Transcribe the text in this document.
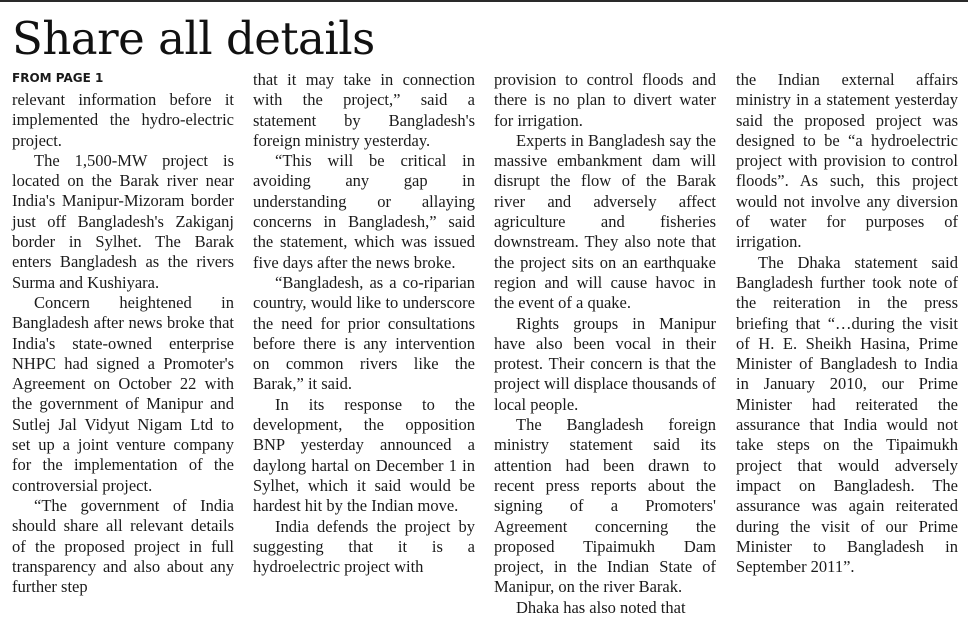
Share all details
FROM PAGE 1

relevant information before it implemented the hydro-electric project.

The 1,500-MW project is located on the Barak river near India's Manipur-Mizoram border just off Bangladesh's Zakiganj border in Sylhet. The Barak enters Bangladesh as the rivers Surma and Kushiyara.

Concern heightened in Bangladesh after news broke that India's state-owned enterprise NHPC had signed a Promoter's Agreement on October 22 with the government of Manipur and Sutlej Jal Vidyut Nigam Ltd to set up a joint venture company for the implementation of the controversial project.

“The government of India should share all relevant details of the proposed project in full transparency and also about any further step

that it may take in connection with the project,” said a statement by Bangladesh's foreign ministry yesterday.

“This will be critical in avoiding any gap in understanding or allaying concerns in Bangladesh,” said the statement, which was issued five days after the news broke.

“Bangladesh, as a co-riparian country, would like to underscore the need for prior consultations before there is any intervention on common rivers like the Barak,” it said.

In its response to the development, the opposition BNP yesterday announced a daylong hartal on December 1 in Sylhet, which it said would be hardest hit by the Indian move.

India defends the project by suggesting that it is a hydroelectric project with

provision to control floods and there is no plan to divert water for irrigation.

Experts in Bangladesh say the massive embankment dam will disrupt the flow of the Barak river and adversely affect agriculture and fisheries downstream. They also note that the project sits on an earthquake region and will cause havoc in the event of a quake.

Rights groups in Manipur have also been vocal in their protest. Their concern is that the project will displace thousands of local people.

The Bangladesh foreign ministry statement said its attention had been drawn to recent press reports about the signing of a Promoters' Agreement concerning the proposed Tipaimukh Dam project, in the Indian State of Manipur, on the river Barak.

Dhaka has also noted that

the Indian external affairs ministry in a statement yesterday said the proposed project was designed to be “a hydroelectric project with provision to control floods”. As such, this project would not involve any diversion of water for purposes of irrigation.

The Dhaka statement said Bangladesh further took note of the reiteration in the press briefing that “…during the visit of H. E. Sheikh Hasina, Prime Minister of Bangladesh to India in January 2010, our Prime Minister had reiterated the assurance that India would not take steps on the Tipaimukh project that would adversely impact on Bangladesh. The assurance was again reiterated during the visit of our Prime Minister to Bangladesh in September 2011”.
